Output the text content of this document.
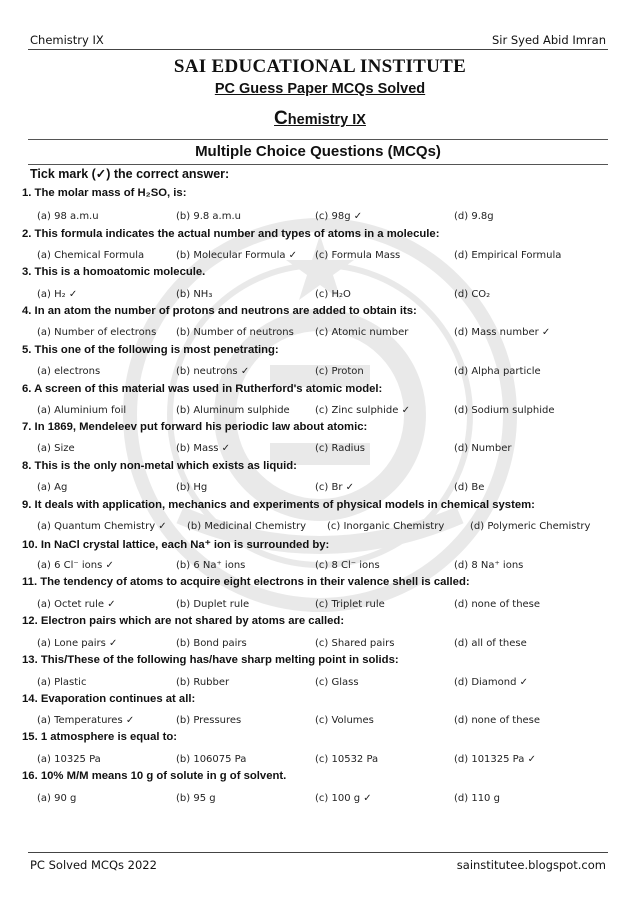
Chemistry IX	Sir Syed Abid Imran
SAI EDUCATIONAL INSTITUTE
PC Guess Paper MCQs Solved
Chemistry IX
Multiple Choice Questions (MCQs)
Tick mark (✓) the correct answer:
1. The molar mass of H₂SO, is:
(a) 98 a.m.u	(b) 9.8 a.m.u	(c) 98g ✓	(d) 9.8g
2. This formula indicates the actual number and types of atoms in a molecule:
(a) Chemical Formula	(b) Molecular Formula ✓ (c) Formula Mass	(d) Empirical Formula
3. This is a homoatomic molecule.
(a) H₂ ✓	(b) NH₃	(c) H₂O	(d) CO₂
4. In an atom the number of protons and neutrons are added to obtain its:
(a) Number of electrons (b) Number of neutrons (c) Atomic number	(d) Mass number ✓
5. This one of the following is most penetrating:
(a) electrons	(b) neutrons ✓	(c) Proton	(d) Alpha particle
6. A screen of this material was used in Rutherford's atomic model:
(a) Aluminium foil	(b) Aluminum sulphide	(c) Zinc sulphide ✓	(d) Sodium sulphide
7. In 1869, Mendeleev put forward his periodic law about atomic:
(a) Size	(b) Mass ✓	(c) Radius	(d) Number
8. This is the only non-metal which exists as liquid:
(a) Ag	(b) Hg	(c) Br ✓	(d) Be
9. It deals with application, mechanics and experiments of physical models in chemical system:
(a) Quantum Chemistry ✓ (b) Medicinal Chemistry (c) Inorganic Chemistry	(d) Polymeric Chemistry
10. In NaCl crystal lattice, each Na⁺ ion is surrounded by:
(a) 6 Cl⁻ ions ✓	(b) 6 Na⁺ ions	(c) 8 Cl⁻ ions	(d) 8 Na⁺ ions
11. The tendency of atoms to acquire eight electrons in their valence shell is called:
(a) Octet rule ✓	(b) Duplet rule	(c) Triplet rule	(d) none of these
12. Electron pairs which are not shared by atoms are called:
(a) Lone pairs ✓	(b) Bond pairs	(c) Shared pairs	(d) all of these
13. This/These of the following has/have sharp melting point in solids:
(a) Plastic	(b) Rubber	(c) Glass	(d) Diamond ✓
14. Evaporation continues at all:
(a) Temperatures ✓	(b) Pressures	(c) Volumes	(d) none of these
15. 1 atmosphere is equal to:
(a) 10325 Pa	(b) 106075 Pa	(c) 10532 Pa	(d) 101325 Pa ✓
16. 10% M/M means 10 g of solute in g of solvent.
(a) 90 g	(b) 95 g	(c) 100 g ✓	(d) 110 g
PC Solved MCQs 2022	sainstitutee.blogspot.com
